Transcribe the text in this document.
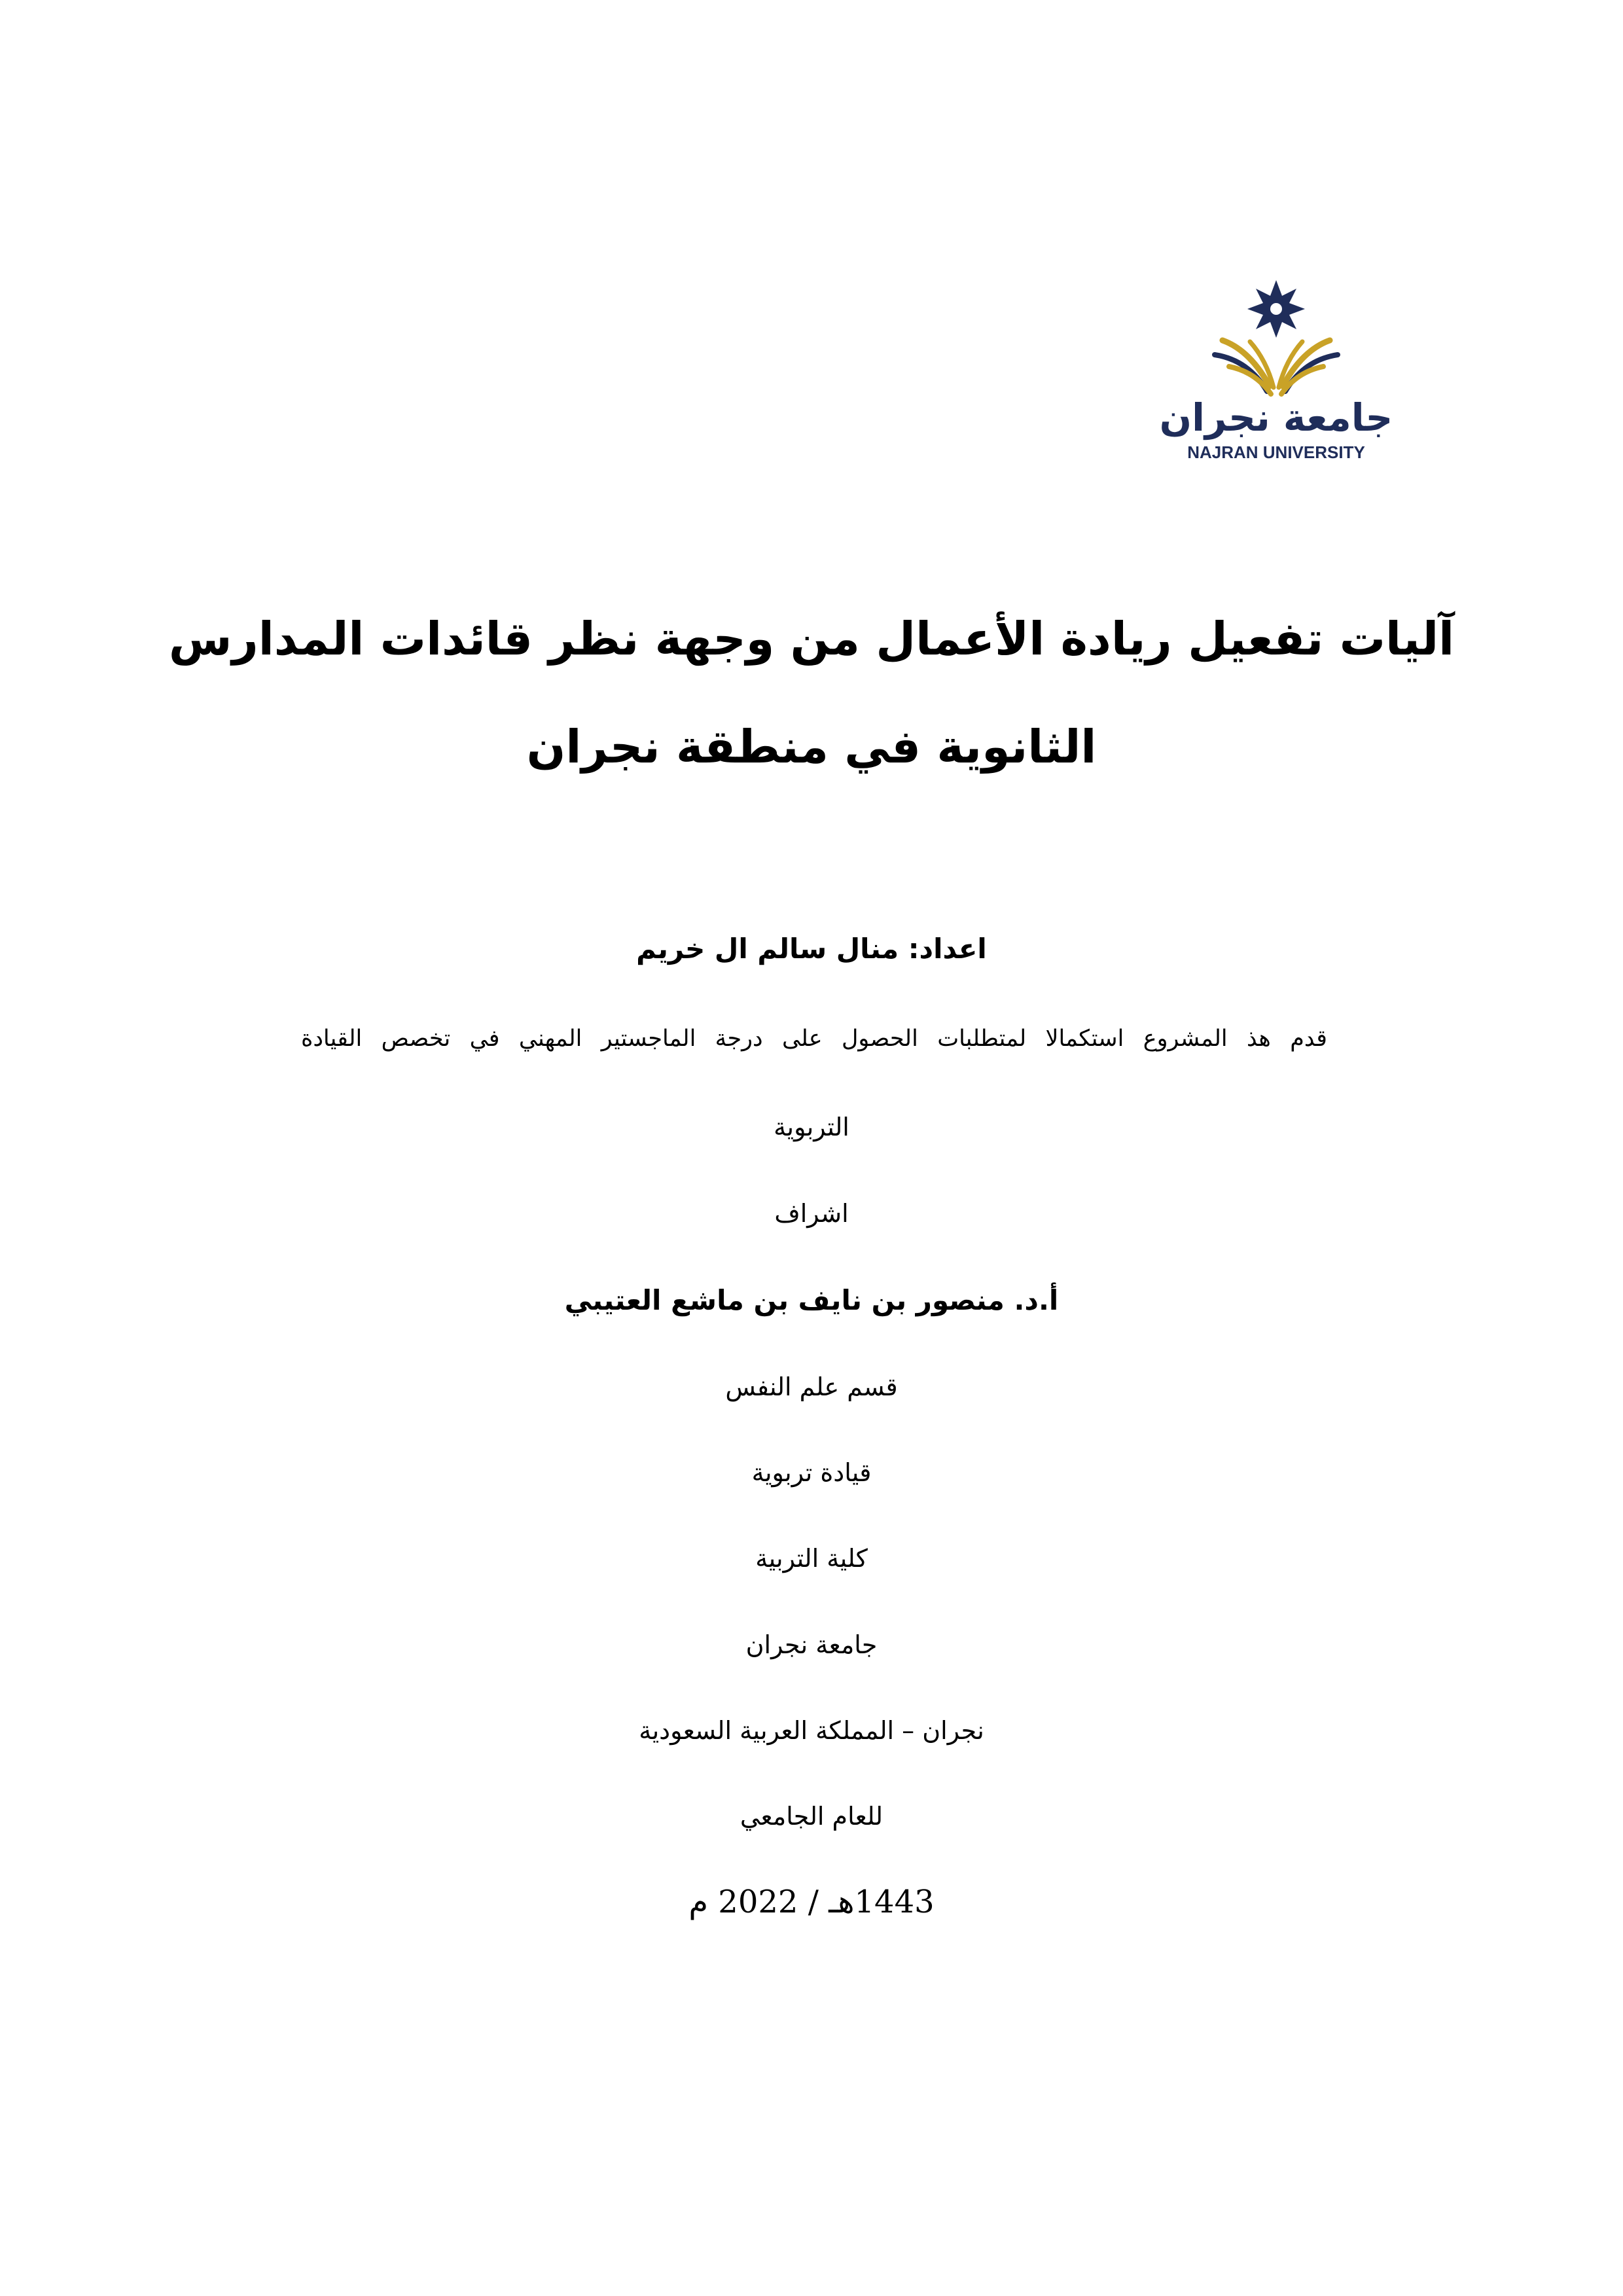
جامعة نجران
NAJRAN UNIVERSITY
آليات تفعيل ريادة الأعمال من وجهة نظر قائدات المدارس
الثانوية في منطقة نجران
اعداد: منال سالم ال خريم
قدم هذ المشروع استكمالا لمتطلبات الحصول على درجة الماجستير المهني في تخصص القيادة
التربوية
اشراف
أ.د. منصور بن نايف بن ماشع العتيبي
قسم علم النفس
قيادة تربوية
كلية التربية
جامعة نجران
نجران – المملكة العربية السعودية
للعام الجامعي
1443هـ / 2022 م
